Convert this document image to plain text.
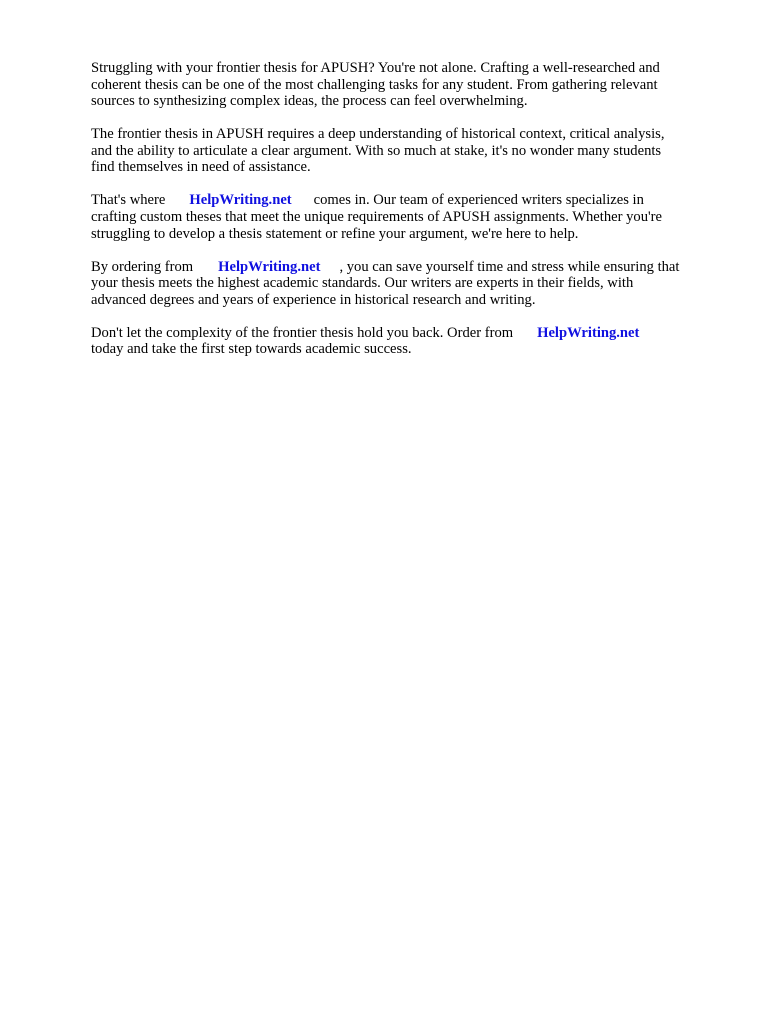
Struggling with your frontier thesis for APUSH? You're not alone. Crafting a well-researched and
coherent thesis can be one of the most challenging tasks for any student. From gathering relevant
sources to synthesizing complex ideas, the process can feel overwhelming.

The frontier thesis in APUSH requires a deep understanding of historical context, critical analysis,
and the ability to articulate a clear argument. With so much at stake, it's no wonder many students
find themselves in need of assistance.

That's where HelpWriting.net comes in. Our team of experienced writers specializes in
crafting custom theses that meet the unique requirements of APUSH assignments. Whether you're
struggling to develop a thesis statement or refine your argument, we're here to help.

By ordering from HelpWriting.net , you can save yourself time and stress while ensuring that
your thesis meets the highest academic standards. Our writers are experts in their fields, with
advanced degrees and years of experience in historical research and writing.

Don't let the complexity of the frontier thesis hold you back. Order from HelpWriting.net
today and take the first step towards academic success.
